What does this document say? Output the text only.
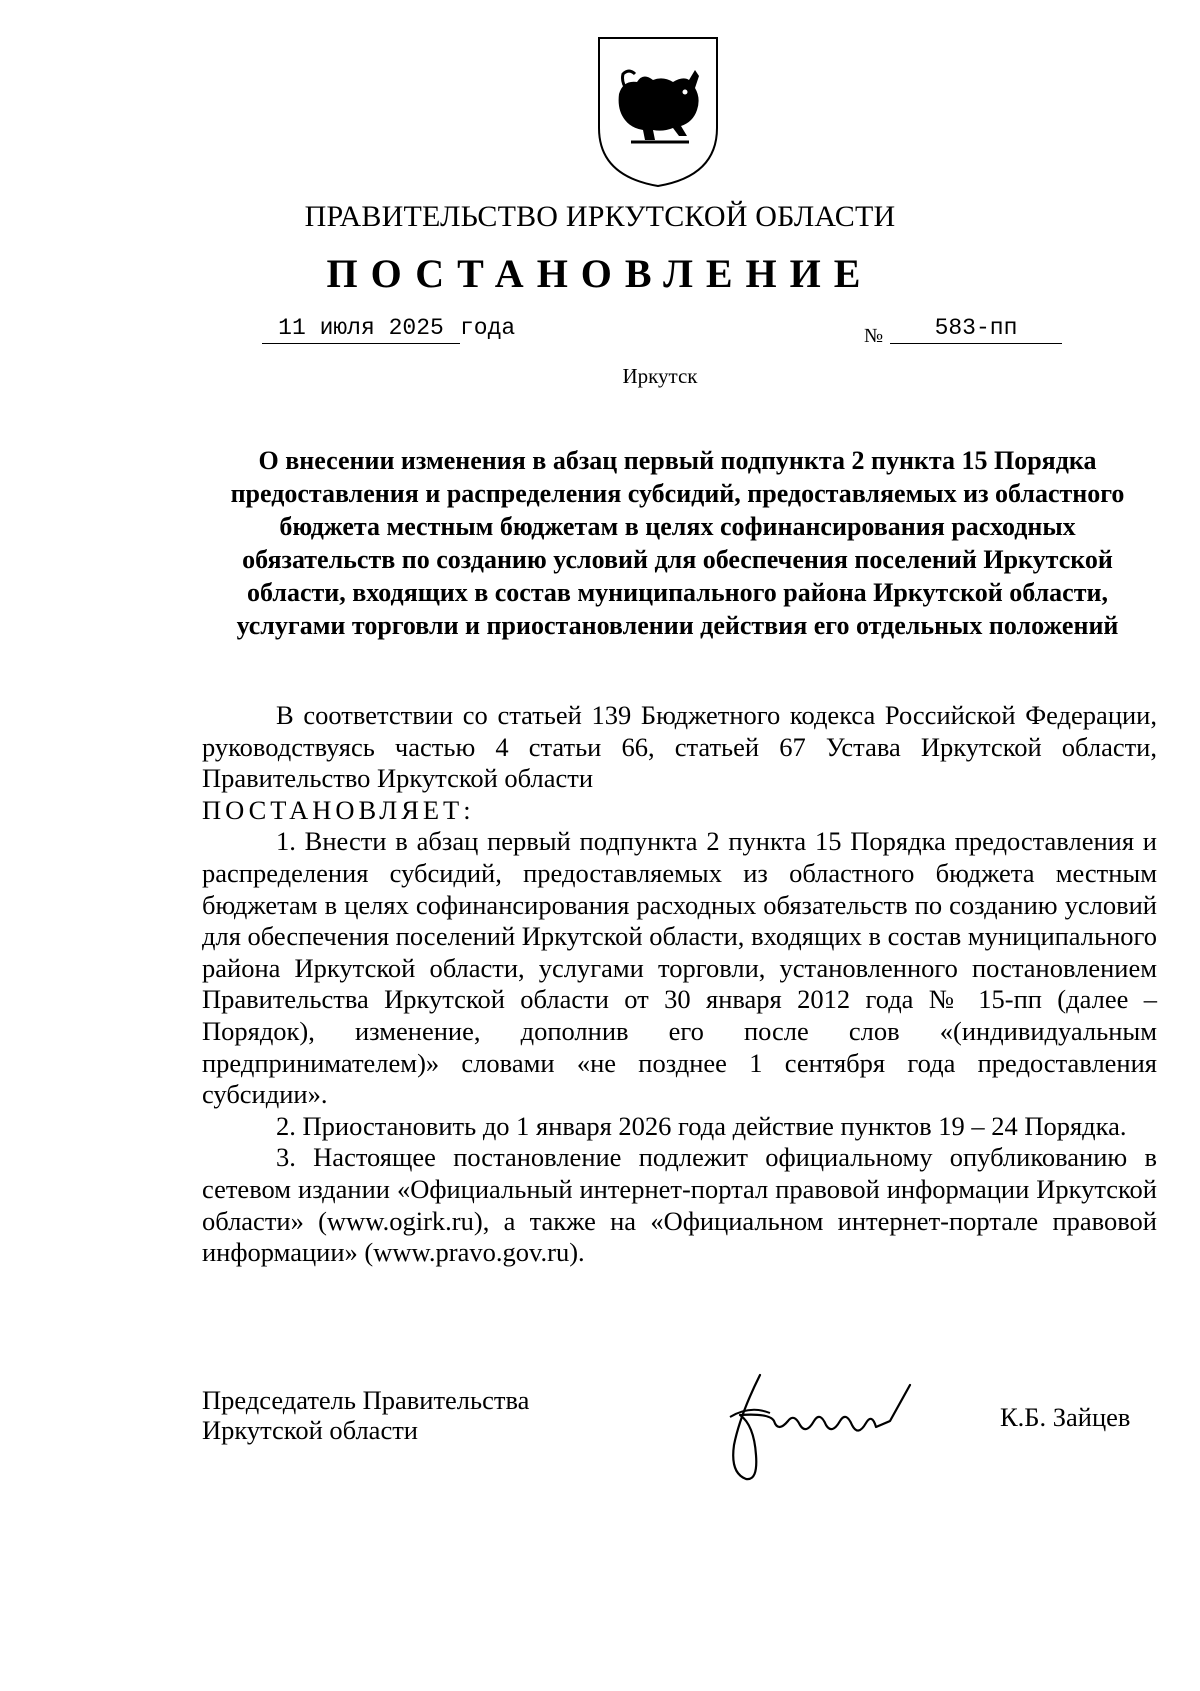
ПРАВИТЕЛЬСТВО ИРКУТСКОЙ ОБЛАСТИ
ПОСТАНОВЛЕНИЕ
11 июля 2025 года	№	583-пп
Иркутск

О внесении изменения в абзац первый подпункта 2 пункта 15 Порядка предоставления и распределения субсидий, предоставляемых из областного бюджета местным бюджетам в целях софинансирования расходных обязательств по созданию условий для обеспечения поселений Иркутской области, входящих в состав муниципального района Иркутской области, услугами торговли и приостановлении действия его отдельных положений

В соответствии со статьей 139 Бюджетного кодекса Российской Федерации, руководствуясь частью 4 статьи 66, статьей 67 Устава Иркутской области, Правительство Иркутской области

ПОСТАНОВЛЯЕТ:

1. Внести в абзац первый подпункта 2 пункта 15 Порядка предоставления и распределения субсидий, предоставляемых из областного бюджета местным бюджетам в целях софинансирования расходных обязательств по созданию условий для обеспечения поселений Иркутской области, входящих в состав муниципального района Иркутской области, услугами торговли, установленного постановлением Правительства Иркутской области от 30 января 2012 года № 15-пп (далее – Порядок), изменение, дополнив его после слов «(индивидуальным предпринимателем)» словами «не позднее 1 сентября года предоставления субсидии».

2. Приостановить до 1 января 2026 года действие пунктов 19 – 24 Порядка.

3. Настоящее постановление подлежит официальному опубликованию в сетевом издании «Официальный интернет-портал правовой информации Иркутской области» (www.ogirk.ru), а также на «Официальном интернет-портале правовой информации» (www.pravo.gov.ru).

Председатель Правительства
Иркутской области	К.Б. Зайцев
